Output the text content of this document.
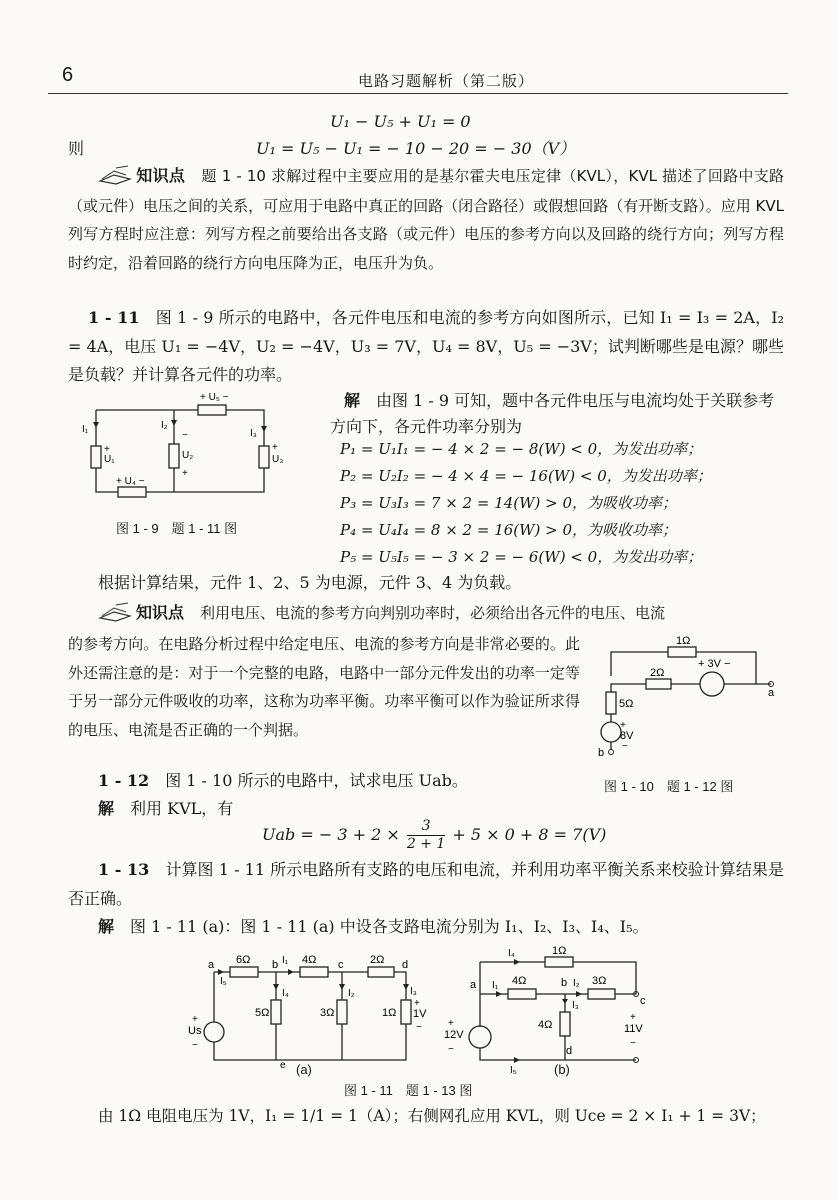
6	电路习题解析（第二版）
U₁ − U₅ + U₁ = 0
则	U₁ = U₅ − U₁ = − 10 − 20 = − 30（V）
知识点　 题 1 - 10 求解过程中主要应用的是基尔霍夫电压定律（KVL），KVL 描述了回路中支路（或元件）电压之间的关系，可应用于电路中真正的回路（闭合路径）或假想回路（有开断支路）。应用 KVL 列写方程时应注意：列写方程之前要给出各支路（或元件）电压的参考方向以及回路的绕行方向；列写方程时约定，沿着回路的绕行方向电压降为正，电压升为负。
1 - 11　 图 1 - 9 所示的电路中，各元件电压和电流的参考方向如图所示，已知 I₁ = I₃ = 2A，I₂ = 4A，电压 U₁ = −4V，U₂ = −4V，U₃ = 7V，U₄ = 8V，U₅ = −3V；试判断哪些是电源？哪些是负载？并计算各元件的功率。
+ U₅ −
I₁	I₂
I₃
+
U₁
−
U₂
+
+
U₃
+ U₄ −
图 1 - 9　题 1 - 11 图
解　 由图 1 - 9 可知，题中各元件电压与电流均处于关联参考方向下，各元件功率分别为
P₁ = U₁I₁ = − 4 × 2 = − 8(W) < 0，为发出功率；
P₂ = U₂I₂ = − 4 × 4 = − 16(W) < 0，为发出功率；
P₃ = U₃I₃ = 7 × 2 = 14(W) > 0，为吸收功率；
P₄ = U₄I₄ = 8 × 2 = 16(W) > 0，为吸收功率；
P₅ = U₅I₅ = − 3 × 2 = − 6(W) < 0，为发出功率；
根据计算结果，元件 1、2、5 为电源，元件 3、4 为负载。
知识点　 利用电压、电流的参考方向判别功率时，必须给出各元件的电压、电流
的参考方向。在电路分析过程中给定电压、电流的参考方向是非常必要的。此外还需注意的是：对于一个完整的电路，电路中一部分元件发出的功率一定等于另一部分元件吸收的功率，这称为功率平衡。功率平衡可以作为验证所求得的电压、电流是否正确的一个判据。
1Ω
2Ω
+ 3V −
5Ω
+
8V
−
a
b
图 1 - 10　题 1 - 12 图
1 - 12　 图 1 - 10 所示的电路中，试求电压 Uab。
解　 利用 KVL，有
Uab = − $3 + 2 \times \frac{3}{2 + 1} + 5 \times 0 + 8 = 7(V)$
1 - 13　 计算图 1 - 11 所示电路所有支路的电压和电流，并利用功率平衡关系来校验计算结果是否正确。
解　 图 1 - 11 (a)：图 1 - 11 (a) 中设各支路电流分别为 I₁、I₂、I₃、I₄、I₅。
a	b	c	d
e
6Ω	4Ω
I₁	2Ω
I₅
I₄	I₂	I₃
5Ω	3Ω	1Ω
+
1V
−
+
Us
−
(a)
1Ω
I₄
a I₁ 4Ω	b I₂ 3Ω
c
I₃
4Ω
d
+
12V
−
+
11V
−
I₅	(b)
图 1 - 11　题 1 - 13 图
由 1Ω 电阻电压为 1V，I₁ = 1/1 = 1（A）；右侧网孔应用 KVL，则 Uce = 2 × I₁ + 1 = 3V；
